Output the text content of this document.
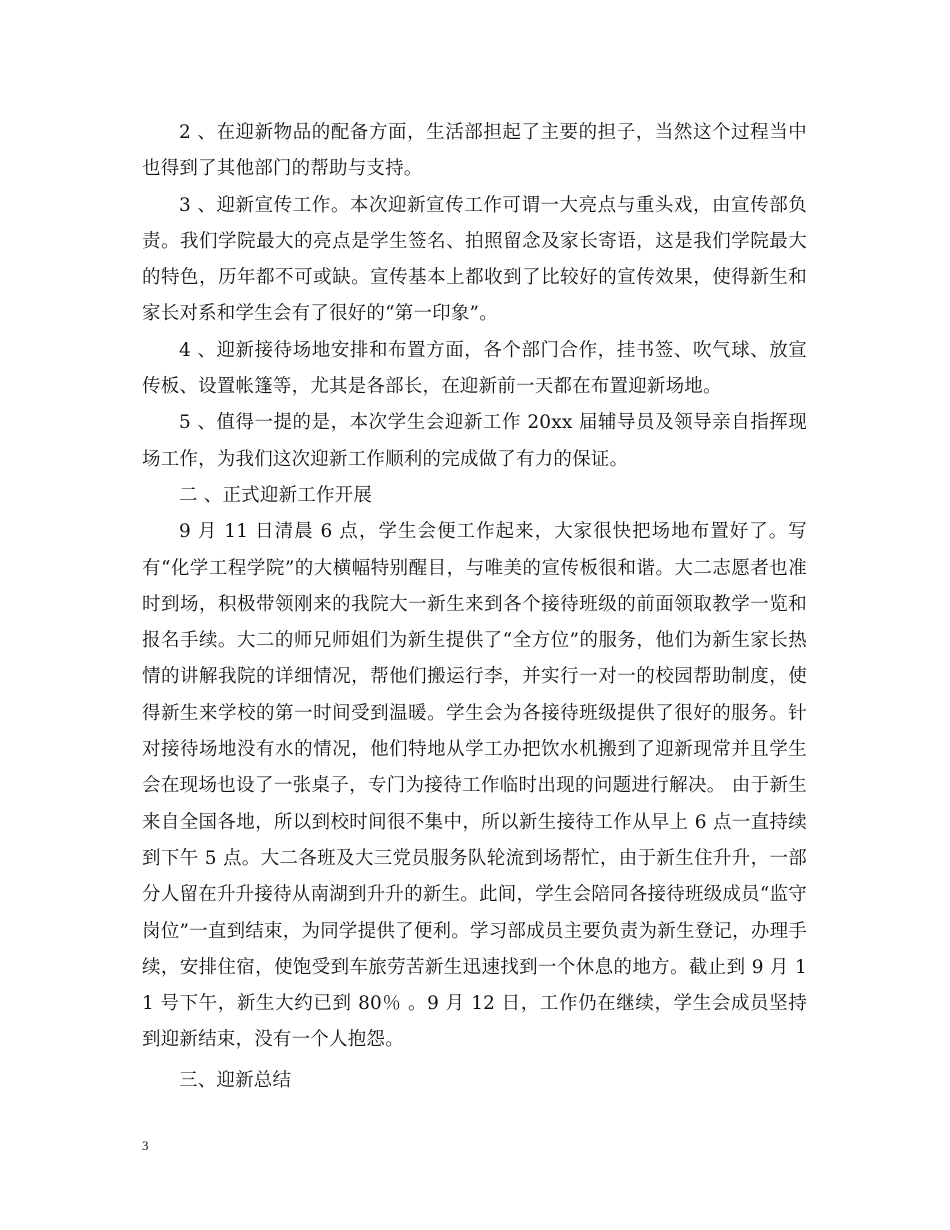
2 、在迎新物品的配备方面，生活部担起了主要的担子，当然这个过程当中也得到了其他部门的帮助与支持。

3 、迎新宣传工作。本次迎新宣传工作可谓一大亮点与重头戏，由宣传部负责。我们学院最大的亮点是学生签名、拍照留念及家长寄语，这是我们学院最大的特色，历年都不可或缺。宣传基本上都收到了比较好的宣传效果，使得新生和家长对系和学生会有了很好的“第一印象”。

4 、迎新接待场地安排和布置方面，各个部门合作，挂书签、吹气球、放宣传板、设置帐篷等，尤其是各部长，在迎新前一天都在布置迎新场地。

5 、值得一提的是，本次学生会迎新工作 20xx 届辅导员及领导亲自指挥现场工作，为我们这次迎新工作顺利的完成做了有力的保证。

二 、正式迎新工作开展

9 月 11 日清晨 6 点，学生会便工作起来，大家很快把场地布置好了。写有“化学工程学院”的大横幅特别醒目，与唯美的宣传板很和谐。大二志愿者也准时到场，积极带领刚来的我院大一新生来到各个接待班级的前面领取教学一览和报名手续。大二的师兄师姐们为新生提供了“全方位”的服务，他们为新生家长热情的讲解我院的详细情况，帮他们搬运行李，并实行一对一的校园帮助制度，使得新生来学校的第一时间受到温暖。学生会为各接待班级提供了很好的服务。针对接待场地没有水的情况，他们特地从学工办把饮水机搬到了迎新现常并且学生会在现场也设了一张桌子，专门为接待工作临时出现的问题进行解决。 由于新生来自全国各地，所以到校时间很不集中，所以新生接待工作从早上 6 点一直持续到下午 5 点。大二各班及大三党员服务队轮流到场帮忙，由于新生住升升，一部分人留在升升接待从南湖到升升的新生。此间，学生会陪同各接待班级成员“监守岗位”一直到结束，为同学提供了便利。学习部成员主要负责为新生登记，办理手续，安排住宿，使饱受到车旅劳苦新生迅速找到一个休息的地方。截止到 9 月 11 号下午，新生大约已到 80％ 。9 月 12 日，工作仍在继续，学生会成员坚持到迎新结束，没有一个人抱怨。

三、迎新总结

3
